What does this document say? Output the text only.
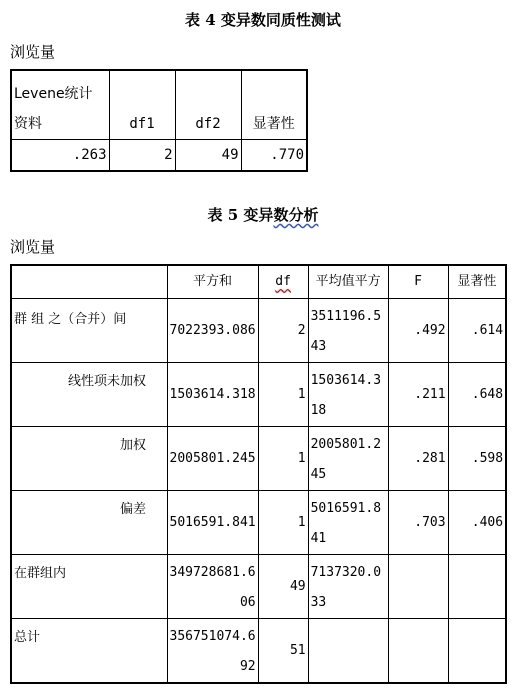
表 4 变异数同质性测试
浏览量
Levene统计资料	df1	df2	显著性
.263	2	49	.770
表 5 变异数分析
浏览量
	平方和	df	平均值平方	F	显著性

群 组 之（合并）间	7022393.086	2	3511196.543	.492	.614
线性项未加权	1503614.318	1	1503614.318	.211	.648
加权	2005801.245	1	2005801.245	.281	.598
偏差	5016591.841	1	5016591.841	.703	.406
在群组内	349728681.606	49	7137320.033		

总计	356751074.692	51	
